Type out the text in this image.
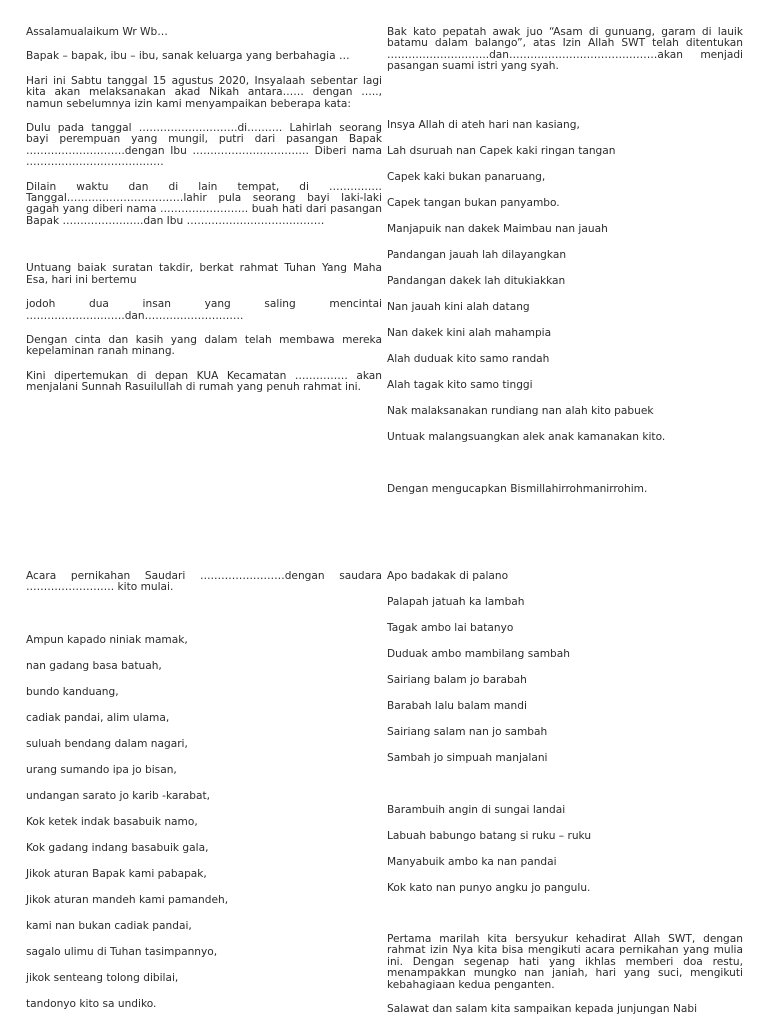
Assalamualaikum Wr Wb…

Bapak – bapak, ibu – ibu, sanak keluarga yang berbahagia …

Hari ini Sabtu tanggal 15 agustus 2020, Insyalaah sebentar lagi kita akan melaksanakan akad Nikah antara…… dengan ….., namun sebelumnya izin kami menyampaikan beberapa kata:

Dulu pada tanggal ……………………….di………. Lahirlah seorang bayi perempuan yang mungil, putri dari pasangan Bapak ……………………….dengan Ibu …………………………… Diberi nama …………………………………

Dilain waktu dan di lain tempat, di …………… Tanggal……………………………lahir pula seorang bayi laki-laki gagah yang diberi nama ……………………. buah hati dari pasangan Bapak …………………..dan Ibu …………………………………

Untuang baiak suratan takdir, berkat rahmat Tuhan Yang Maha Esa, hari ini bertemu

jodoh dua insan yang saling mencintai ……………………….dan……………………….

Dengan cinta dan kasih yang dalam telah membawa mereka kepelaminan ranah minang.

Kini dipertemukan di depan KUA Kecamatan …………… akan menjalani Sunnah Rasuilullah di rumah yang penuh rahmat ini.

Bak kato pepatah awak juo “Asam di gunuang, garam di lauik batamu dalam balango”, atas Izin Allah SWT telah ditentukan ………………………..dan……………………………………akan menjadi pasangan suami istri yang syah.

Insya Allah di ateh hari nan kasiang,
Lah dsuruah nan Capek kaki ringan tangan
Capek kaki bukan panaruang,
Capek tangan bukan panyambo.
Manjapuik nan dakek Maimbau nan jauah
Pandangan jauah lah dilayangkan
Pandangan dakek lah ditukiakkan
Nan jauah kini alah datang
Nan dakek kini alah mahampia
Alah duduak kito samo randah
Alah tagak kito samo tinggi
Nak malaksanakan rundiang nan alah kito pabuek
Untuak malangsuangkan alek anak kamanakan kito.
Dengan mengucapkan Bismillahirrohmanirrohim.

Acara pernikahan Saudari ……………………dengan saudara ……………………. kito mulai.

Ampun kapado niniak mamak,
nan gadang basa batuah,
bundo kanduang,
cadiak pandai, alim ulama,
suluah bendang dalam nagari,
urang sumando ipa jo bisan,
undangan sarato jo karib -karabat,
Kok ketek indak basabuik namo,
Kok gadang indang basabuik gala,
Jikok aturan Bapak kami pabapak,
Jikok aturan mandeh kami pamandeh,
kami nan bukan cadiak pandai,
sagalo ulimu di Tuhan tasimpannyo,
jikok senteang tolong dibilai,
tandonyo kito sa undiko.
Apo badakak di palano
Palapah jatuah ka lambah
Tagak ambo lai batanyo
Duduak ambo mambilang sambah
Sairiang balam jo barabah
Barabah lalu balam mandi
Sairiang salam nan jo sambah
Sambah jo simpuah manjalani
Barambuih angin di sungai landai
Labuah babungo batang si ruku – ruku
Manyabuik ambo ka nan pandai
Kok kato nan punyo angku jo pangulu.

Pertama marilah kita bersyukur kehadirat Allah SWT, dengan rahmat izin Nya kita bisa mengikuti acara pernikahan yang mulia ini. Dengan segenap hati yang ikhlas memberi doa restu, menampakkan mungko nan janiah, hari yang suci, mengikuti kebahagiaan kedua penganten.

Salawat dan salam kita sampaikan kepada junjungan Nabi
